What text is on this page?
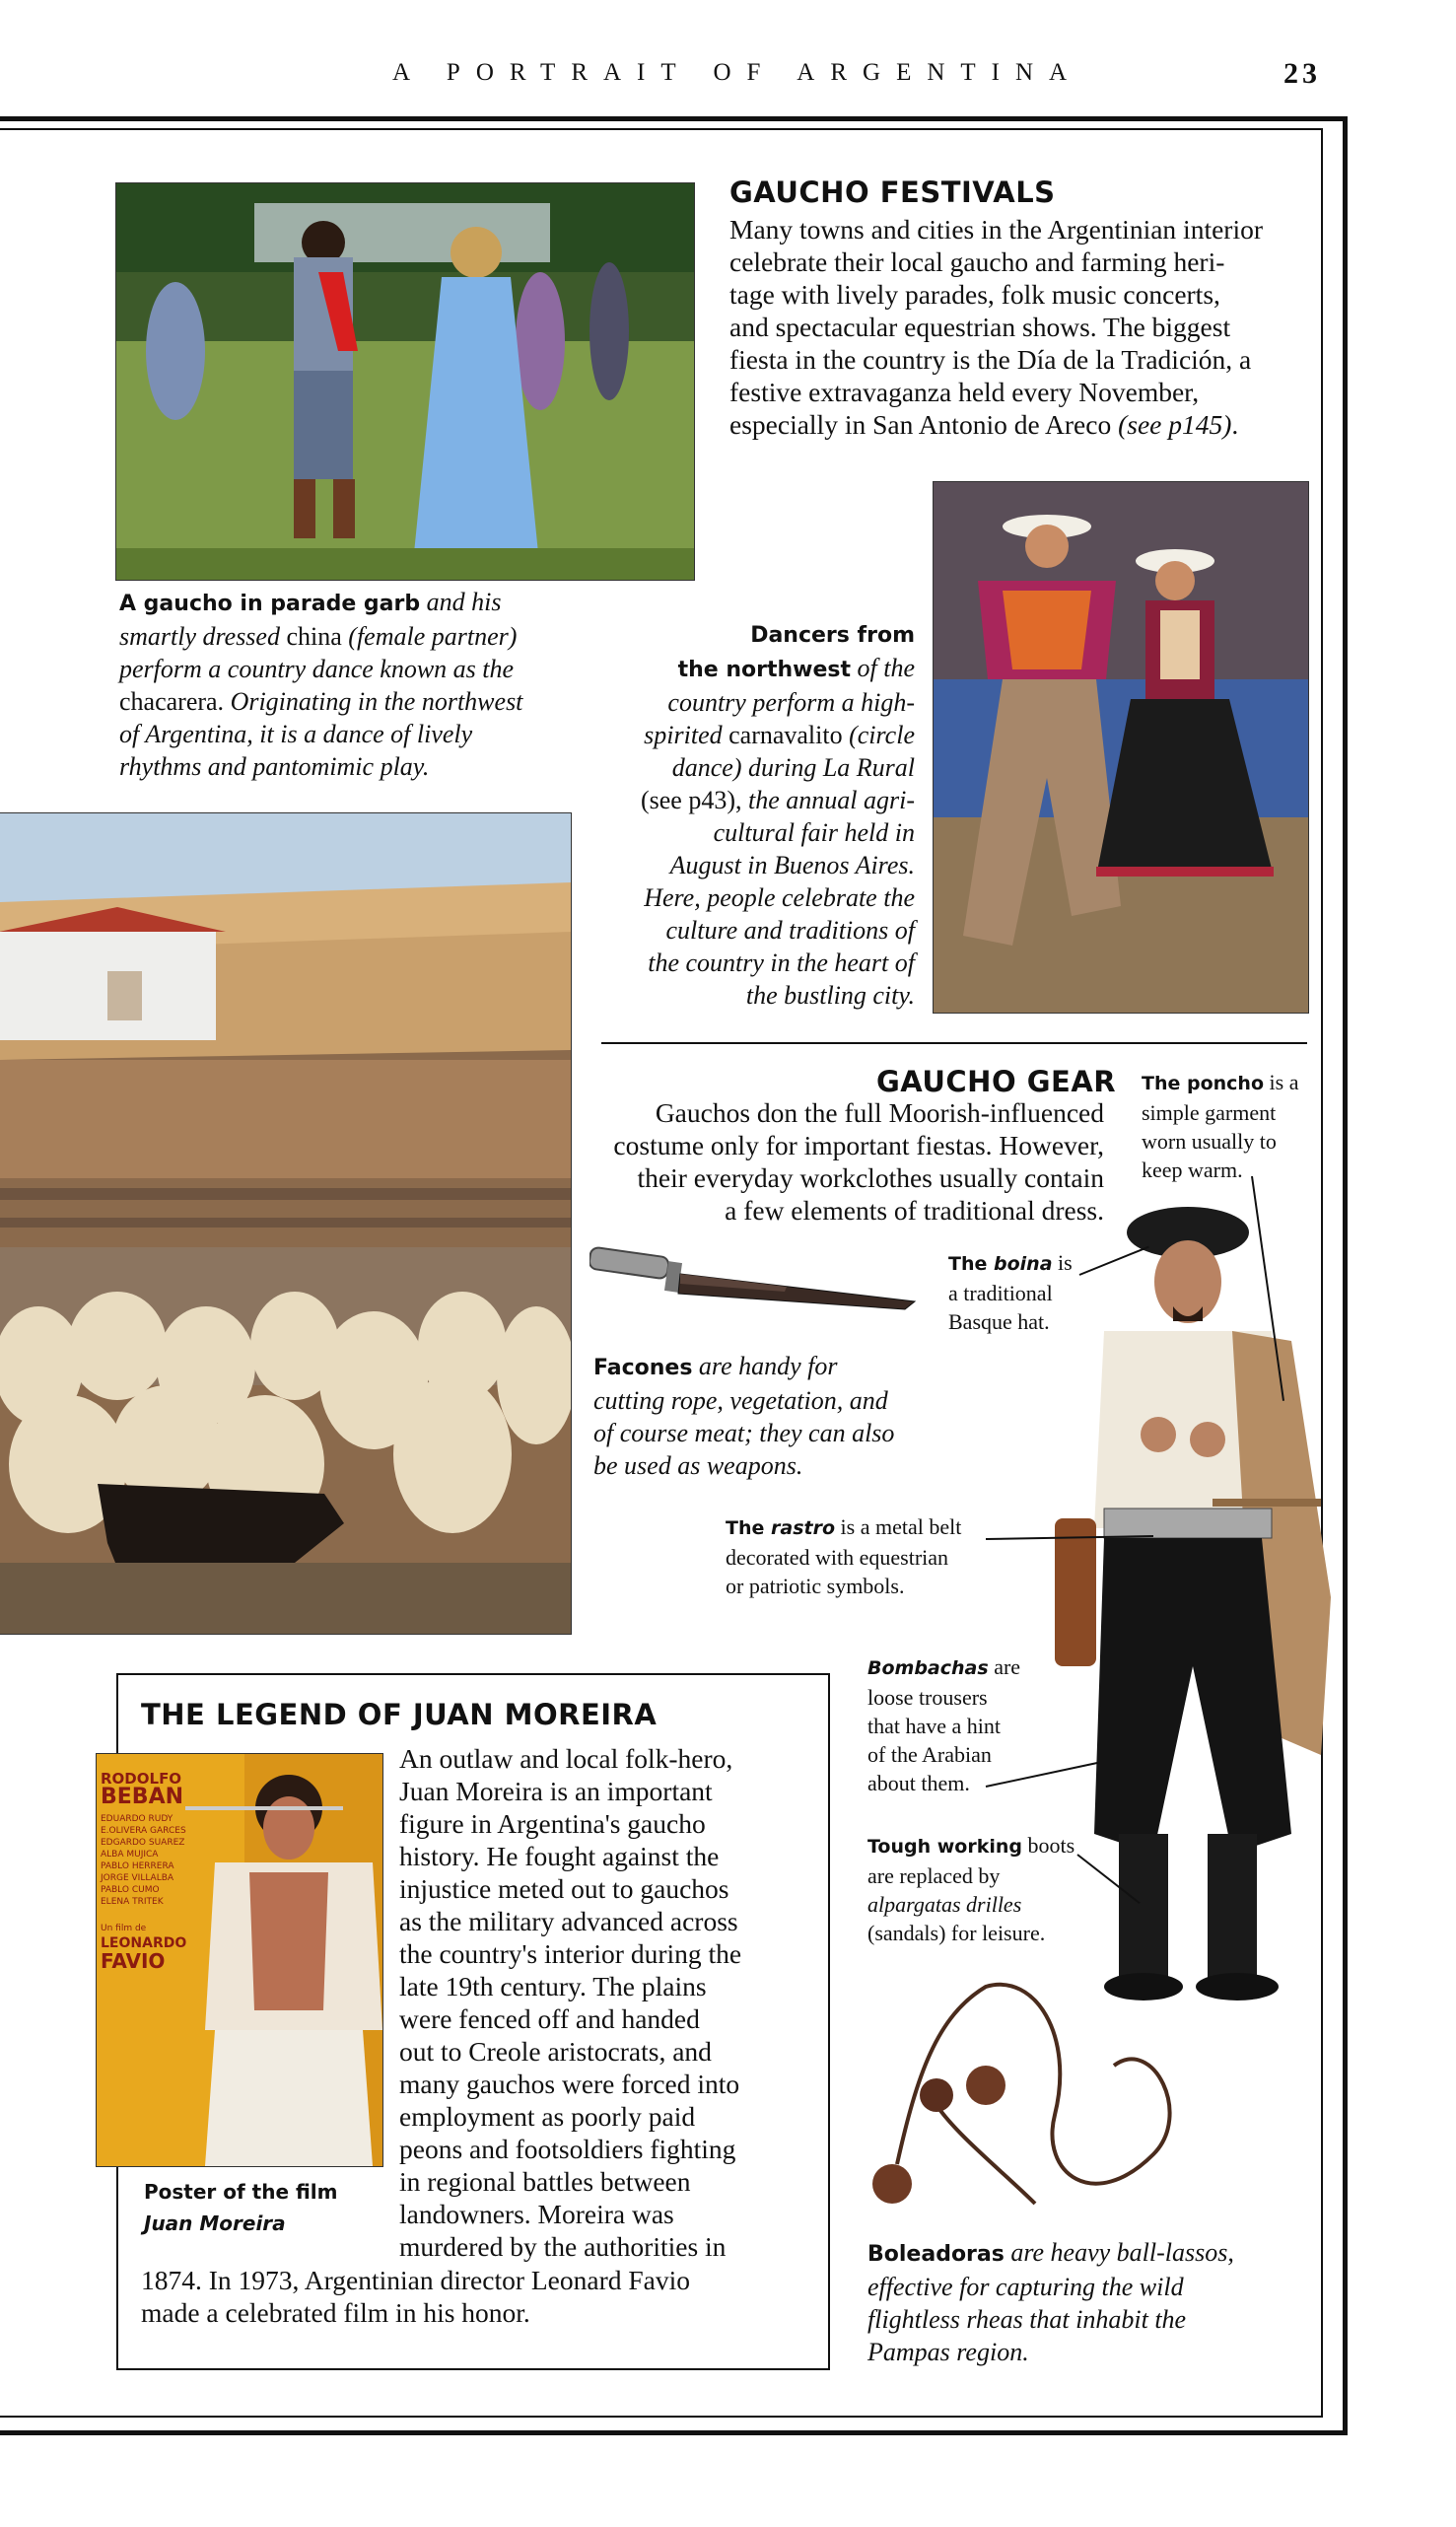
A PORTRAIT OF ARGENTINA	23
GAUCHO FESTIVALS
Many towns and cities in the Argentinian interior
celebrate their local gaucho and farming heri-
tage with lively parades, folk music concerts,
and spectacular equestrian shows. The biggest
fiesta in the country is the Día de la Tradición, a
festive extravaganza held every November,
especially in San Antonio de Areco (see p145).
A gaucho in parade garb and his
smartly dressed china (female partner)
perform a country dance known as the
chacarera. Originating in the northwest
of Argentina, it is a dance of lively
rhythms and pantomimic play.
Dancers from
the northwest of the
country perform a high-
spirited carnavalito (circle
dance) during La Rural
(see p43), the annual agri-
cultural fair held in
August in Buenos Aires.
Here, people celebrate the
culture and traditions of
the country in the heart of
the bustling city.
GAUCHO GEAR
Gauchos don the full Moorish-influenced
costume only for important fiestas. However,
their everyday workclothes usually contain
a few elements of traditional dress.
The poncho is a
simple garment
worn usually to
keep warm.
The boina is
a traditional
Basque hat.
Facones are handy for
cutting rope, vegetation, and
of course meat; they can also
be used as weapons.
The rastro is a metal belt
decorated with equestrian
or patriotic symbols.
Bombachas are
loose trousers
that have a hint
of the Arabian
about them.
Tough working boots
are replaced by
alpargatas drilles
(sandals) for leisure.
Boleadoras are heavy ball-lassos,
effective for capturing the wild
flightless rheas that inhabit the
Pampas region.
THE LEGEND OF JUAN MOREIRA
RODOLFO
BEBAN
EDUARDO RUDY
E.OLIVERA GARCES
EDGARDO SUAREZ
ALBA MUJICA
PABLO HERRERA
JORGE VILLALBA
PABLO CUMO
ELENA TRITEK
Un film de
LEONARDO
FAVIO
An outlaw and local folk-hero,
Juan Moreira is an important
figure in Argentina's gaucho
history. He fought against the
injustice meted out to gauchos
as the military advanced across
the country's interior during the
late 19th century. The plains
were fenced off and handed
out to Creole aristocrats, and
many gauchos were forced into
employment as poorly paid
peons and footsoldiers fighting
in regional battles between
landowners. Moreira was
murdered by the authorities in
1874. In 1973, Argentinian director Leonard Favio
made a celebrated film in his honor.
Poster of the film
Juan Moreira
